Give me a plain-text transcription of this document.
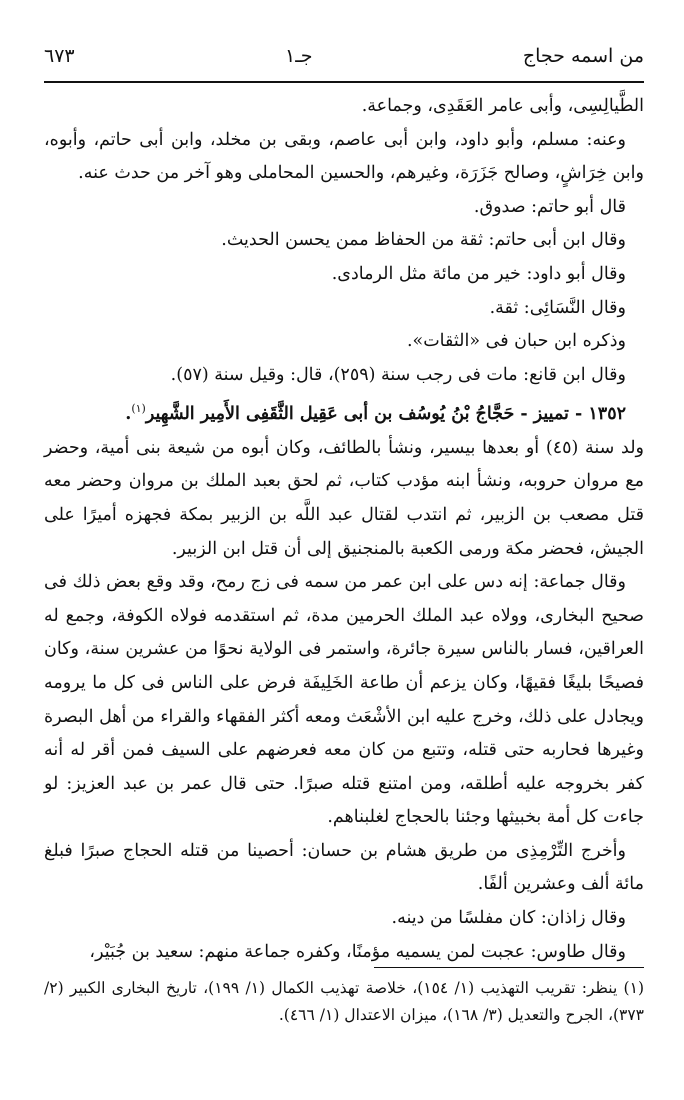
من اسمه حجاج
جـ١
٦٧٣

الطَّيالِسِى، وأبى عامر العَقَدِى، وجماعة.

وعنه: مسلم، وأبو داود، وابن أبى عاصم، وبقى بن مخلد، وابن أبى حاتم، وأبوه، وابن خِرَاشٍ، وصالح جَزَرَة، وغيرهم، والحسين المحاملى وهو آخر من حدث عنه.

قال أبو حاتم: صدوق.

وقال ابن أبى حاتم: ثقة من الحفاظ ممن يحسن الحديث.

وقال أبو داود: خير من مائة مثل الرمادى.

وقال النَّسَائِى: ثقة.

وذكره ابن حبان فى «الثقات».

وقال ابن قانع: مات فى رجب سنة (٢٥٩)، قال: وقيل سنة (٥٧).

١٣٥٢ - تمييز - حَجَّاجُ بْنُ يُوسُف بن أبى عَقِيل الثَّقَفِى الأَمِير الشَّهِير$^{(١)}$.

ولد سنة (٤٥) أو بعدها بيسير، ونشأ بالطائف، وكان أبوه من شيعة بنى أمية، وحضر مع مروان حروبه، ونشأ ابنه مؤدب كتاب، ثم لحق بعبد الملك بن مروان وحضر معه قتل مصعب بن الزبير، ثم انتدب لقتال عبد اللَّه بن الزبير بمكة فجهزه أميرًا على الجيش، فحضر مكة ورمى الكعبة بالمنجنيق إلى أن قتل ابن الزبير.

وقال جماعة: إنه دس على ابن عمر من سمه فى زج رمح، وقد وقع بعض ذلك فى صحيح البخارى، وولاه عبد الملك الحرمين مدة، ثم استقدمه فولاه الكوفة، وجمع له العراقين، فسار بالناس سيرة جائرة، واستمر فى الولاية نحوًا من عشرين سنة، وكان فصيحًا بليغًا فقيهًا، وكان يزعم أن طاعة الخَلِيفَة فرض على الناس فى كل ما يرومه ويجادل على ذلك، وخرج عليه ابن الأشْعَث ومعه أكثر الفقهاء والقراء من أهل البصرة وغيرها فحاربه حتى قتله، وتتبع من كان معه فعرضهم على السيف فمن أقر له أنه كفر بخروجه عليه أطلقه، ومن امتنع قتله صبرًا. حتى قال عمر بن عبد العزيز: لو جاءت كل أمة بخبيثها وجئنا بالحجاج لغلبناهم.

وأخرج التِّرْمِذِى من طريق هشام بن حسان: أحصينا من قتله الحجاج صبرًا فبلغ مائة ألف وعشرين ألفًا.

وقال زاذان: كان مفلسًا من دينه.

وقال طاوس: عجبت لمن يسميه مؤمنًا، وكفره جماعة منهم: سعيد بن جُبَيْر،

(١) ينظر: تقريب التهذيب (١/ ١٥٤)، خلاصة تهذيب الكمال (١/ ١٩٩)، تاريخ البخارى الكبير (٢/ ٣٧٣)، الجرح والتعديل (٣/ ١٦٨)، ميزان الاعتدال (١/ ٤٦٦).
